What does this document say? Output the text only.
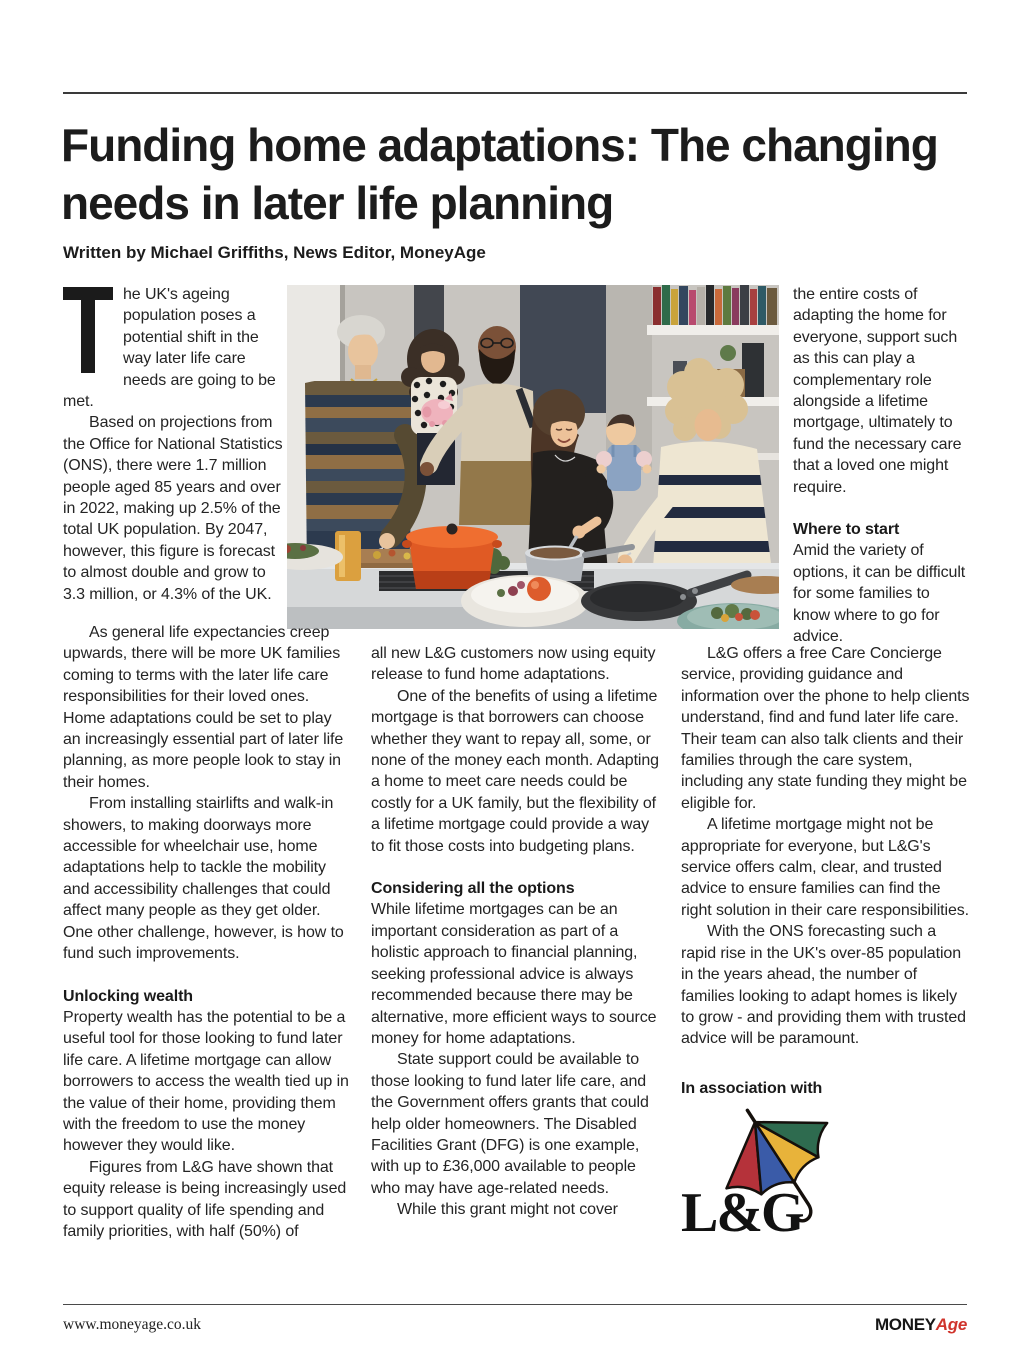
Funding home adaptations: The changing needs in later life planning
Written by Michael Griffiths, News Editor, MoneyAge

he UK's ageing population poses a potential shift in the way later life care needs are going to be met.

Based on projections from the Office for National Statistics (ONS), there were 1.7 million people aged 85 years and over in 2022, making up 2.5% of the total UK population. By 2047, however, this figure is forecast to almost double and grow to 3.3 million, or 4.3% of the UK.

As general life expectancies creep upwards, there will be more UK families coming to terms with the later life care responsibilities for their loved ones. Home adaptations could be set to play an increasingly essential part of later life planning, as more people look to stay in their homes.

From installing stairlifts and walk-in showers, to making doorways more accessible for wheelchair use, home adaptations help to tackle the mobility and accessibility challenges that could affect many people as they get older. One other challenge, however, is how to fund such improvements.

Unlocking wealth

Property wealth has the potential to be a useful tool for those looking to fund later life care. A lifetime mortgage can allow borrowers to access the wealth tied up in the value of their home, providing them with the freedom to use the money however they would like.

Figures from L&G have shown that equity release is being increasingly used to support quality of life spending and family priorities, with half (50%) of

all new L&G customers now using equity release to fund home adaptations.

One of the benefits of using a lifetime mortgage is that borrowers can choose whether they want to repay all, some, or none of the money each month. Adapting a home to meet care needs could be costly for a UK family, but the flexibility of a lifetime mortgage could provide a way to fit those costs into budgeting plans.

Considering all the options

While lifetime mortgages can be an important consideration as part of a holistic approach to financial planning, seeking professional advice is always recommended because there may be alternative, more efficient ways to source money for home adaptations.

State support could be available to those looking to fund later life care, and the Government offers grants that could help older homeowners. The Disabled Facilities Grant (DFG) is one example, with up to £36,000 available to people who may have age-related needs.

While this grant might not cover

the entire costs of adapting the home for everyone, support such as this can play a complementary role alongside a lifetime mortgage, ultimately to fund the necessary care that a loved one might require.

Where to start

Amid the variety of options, it can be difficult for some families to know where to go for advice.

L&G offers a free Care Concierge service, providing guidance and information over the phone to help clients understand, find and fund later life care. Their team can also talk clients and their families through the care system, including any state funding they might be eligible for.

A lifetime mortgage might not be appropriate for everyone, but L&G's service offers calm, clear, and trusted advice to ensure families can find the right solution in their care responsibilities.

With the ONS forecasting such a rapid rise in the UK's over-85 population in the years ahead, the number of families looking to adapt homes is likely to grow - and providing them with trusted advice will be paramount.

In association with

L&G
www.moneyage.co.uk	MONEYAge
